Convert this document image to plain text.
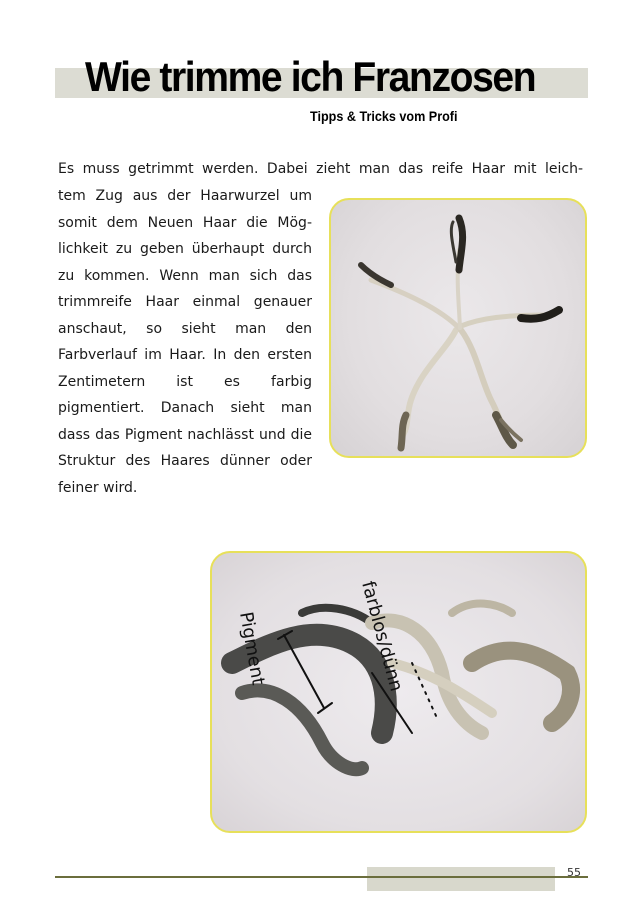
Wie trimme ich Franzosen
Tipps & Tricks vom Profi

Es muss getrimmt werden. Dabei zieht man das reife Haar mit leich-

tem Zug aus der Haarwurzel um somit dem Neuen Haar die Mög-lichkeit zu geben überhaupt durch zu kommen. Wenn man sich das trimmreife Haar einmal genauer anschaut, so sieht man den Farbverlauf im Haar. In den ersten Zentimetern ist es farbig pigmentiert. Danach sieht man dass das Pigment nachlässt und die Struktur des Haares dünner oder feiner wird.

Pigment	farblos/dünn
55
